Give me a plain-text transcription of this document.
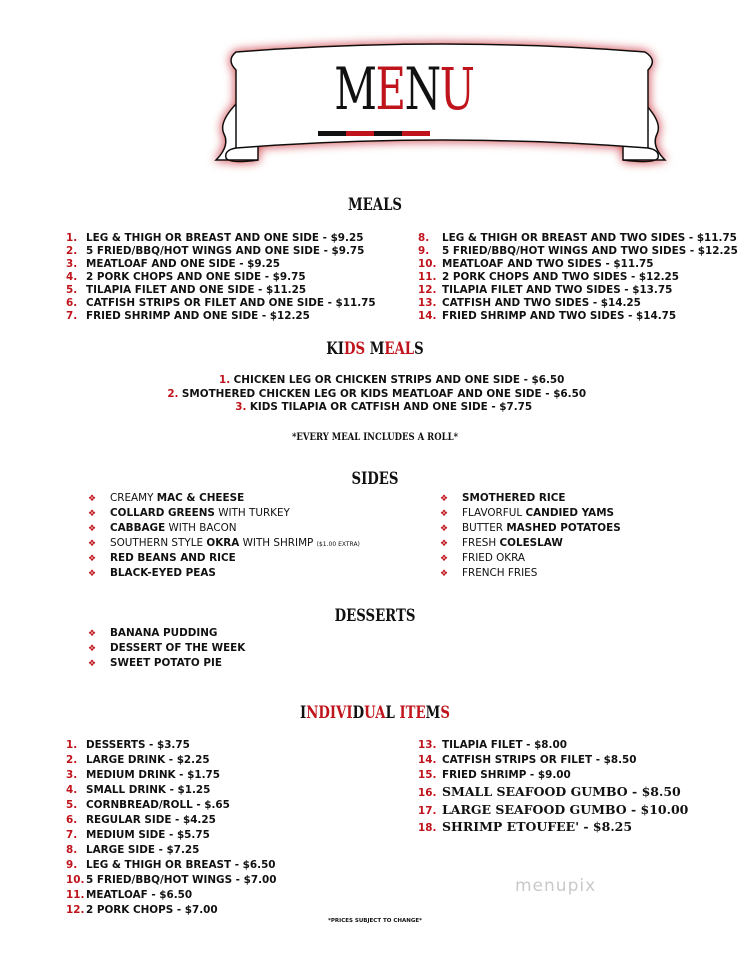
MENU
MEALS
1. LEG & THIGH OR BREAST AND ONE SIDE - $9.25
2. 5 FRIED/BBQ/HOT WINGS AND ONE SIDE - $9.75
3. MEATLOAF AND ONE SIDE - $9.25
4. 2 PORK CHOPS AND ONE SIDE - $9.75
5. TILAPIA FILET AND ONE SIDE - $11.25
6. CATFISH STRIPS OR FILET AND ONE SIDE - $11.75
7. FRIED SHRIMP AND ONE SIDE - $12.25
8. LEG & THIGH OR BREAST AND TWO SIDES - $11.75
9. 5 FRIED/BBQ/HOT WINGS AND TWO SIDES - $12.25
10. MEATLOAF AND TWO SIDES - $11.75
11. 2 PORK CHOPS AND TWO SIDES - $12.25
12. TILAPIA FILET AND TWO SIDES - $13.75
13. CATFISH AND TWO SIDES - $14.25
14. FRIED SHRIMP AND TWO SIDES - $14.75
KIDS MEALS
1. CHICKEN LEG OR CHICKEN STRIPS AND ONE SIDE - $6.50
2. SMOTHERED CHICKEN LEG OR KIDS MEATLOAF AND ONE SIDE - $6.50
3. KIDS TILAPIA OR CATFISH AND ONE SIDE - $7.75
*EVERY MEAL INCLUDES A ROLL*
SIDES
❖ CREAMY MAC & CHEESE
❖ COLLARD GREENS WITH TURKEY
❖ CABBAGE WITH BACON
❖ SOUTHERN STYLE OKRA WITH SHRIMP ($1.00 EXTRA)
❖ RED BEANS AND RICE
❖ BLACK-EYED PEAS
❖ SMOTHERED RICE
❖ FLAVORFUL CANDIED YAMS
❖ BUTTER MASHED POTATOES
❖ FRESH COLESLAW
❖ FRIED OKRA
❖ FRENCH FRIES
DESSERTS
❖ BANANA PUDDING
❖ DESSERT OF THE WEEK
❖ SWEET POTATO PIE
INDIVIDUAL ITEMS
1. DESSERTS - $3.75
2. LARGE DRINK - $2.25
3. MEDIUM DRINK - $1.75
4. SMALL DRINK - $1.25
5. CORNBREAD/ROLL - $.65
6. REGULAR SIDE - $4.25
7. MEDIUM SIDE - $5.75
8. LARGE SIDE - $7.25
9. LEG & THIGH OR BREAST - $6.50
10. 5 FRIED/BBQ/HOT WINGS - $7.00
11. MEATLOAF - $6.50
12. 2 PORK CHOPS - $7.00
13. TILAPIA FILET - $8.00
14. CATFISH STRIPS OR FILET - $8.50
15. FRIED SHRIMP - $9.00
16. SMALL SEAFOOD GUMBO - $8.50
17. LARGE SEAFOOD GUMBO - $10.00
18. SHRIMP ETOUFEE' - $8.25
menupix
*PRICES SUBJECT TO CHANGE*
